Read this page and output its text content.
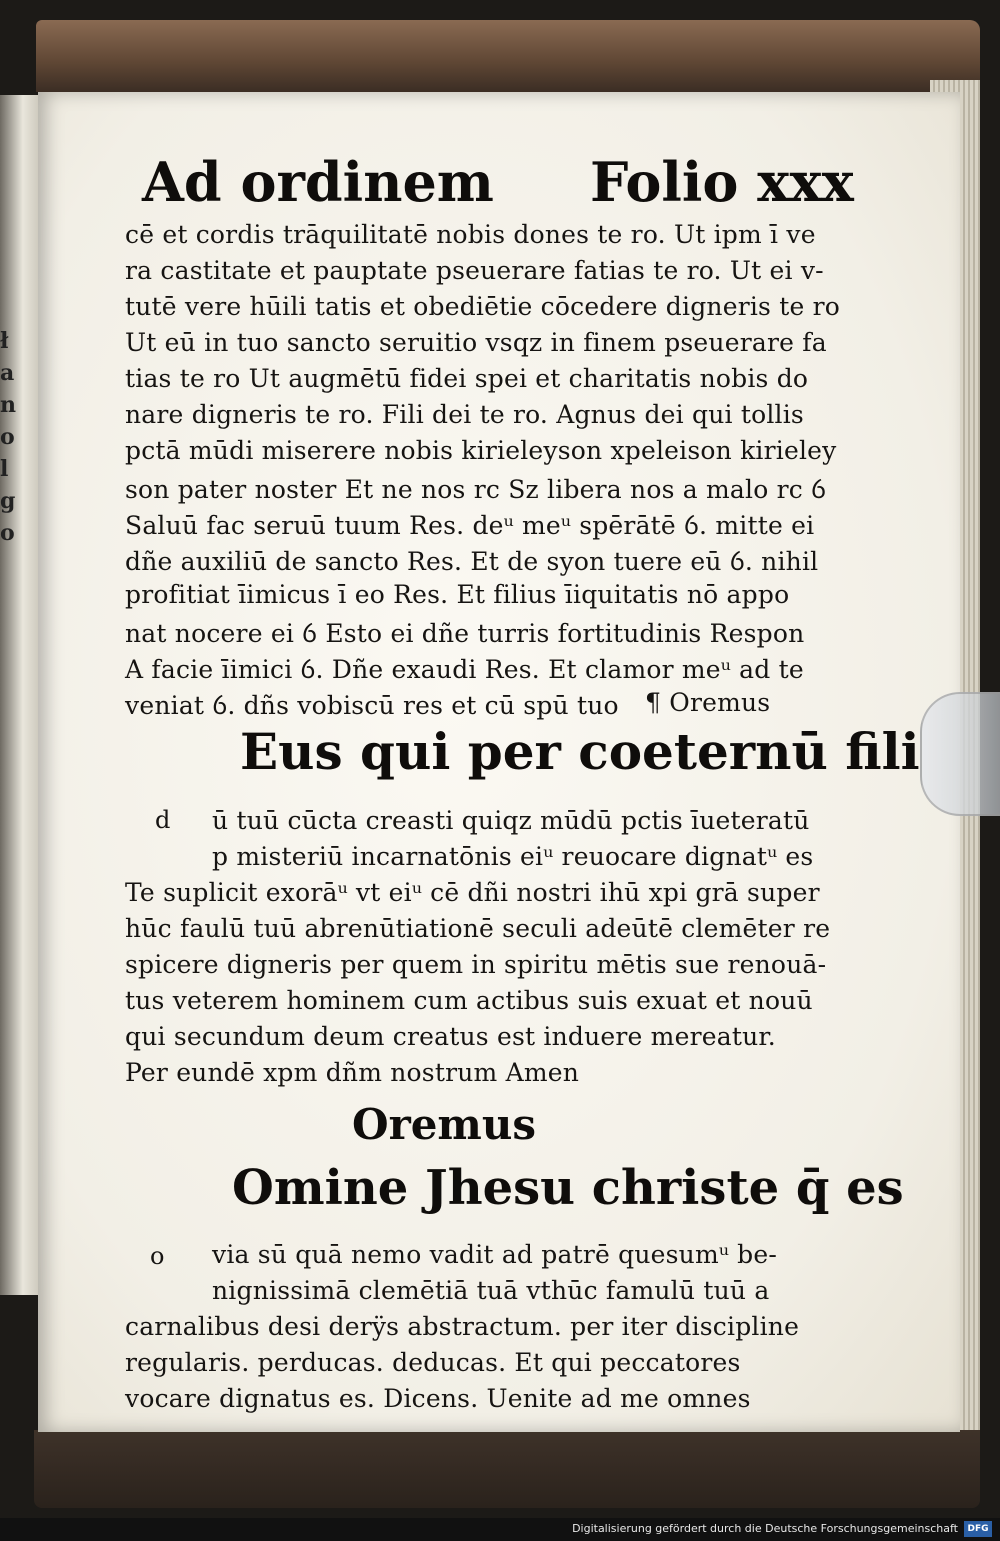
ł
a
n
o
l
g
o
Ad ordinem Folio xxx
cē et cordis trāquilitatē nobis dones te ro. Ut ipm ī ve
ra castitate et pauptate pseuerare fatias te ro. Ut ei v-
tutē vere hūili tatis et obediētie cōcedere digneris te ro
Ut eū in tuo sancto seruitio vsqz in finem pseuerare fa
tias te ro Ut augmētū fidei spei et charitatis nobis do
nare digneris te ro. Fili dei te ro. Agnus dei qui tollis
pctā mūdi miserere nobis kirieleyson xpeleison kirieley
son pater noster Et ne nos rc Sz libera nos a malo rc ỽ
Saluū fac seruū tuum Res. deᵘ meᵘ spērātē ỽ. mitte ei
dñe auxiliū de sancto Res. Et de syon tuere eū ỽ. nihil
profitiat īimicus ī eo Res. Et filius īiquitatis nō appo
nat nocere ei ỽ Esto ei dñe turris fortitudinis Respon
A facie īimici ỽ. Dñe exaudi Res. Et clamor meᵘ ad te
veniat ỽ. dñs vobiscū res et cū spū tuo ¶ Oremus
Eus qui per coeternū fili
d	ū tuū cūcta creasti quiqz mūdū pctis īueteratū
p misteriū incarnatōnis eiᵘ reuocare dignatᵘ es
Te suplicit exorāᵘ vt eiᵘ cē dñi nostri ihū xpi grā super
hūc faulū tuū abrenūtiationē seculi adeūtē clemēter re
spicere digneris per quem in spiritu mētis sue renouā-
tus veterem hominem cum actibus suis exuat et nouū
qui secundum deum creatus est induere mereatur.
Per eundē xpm dñm nostrum Amen
Oremus
Omine Jhesu christe q̄ es
o	via sū quā nemo vadit ad patrē quesumᵘ be-
nignissimā clemētiā tuā vthūc famulū tuū a
carnalibus desi derÿs abstractum. per iter discipline
regularis. perducas. deducas. Et qui peccatores
vocare dignatus es. Dicens. Uenite ad me omnes
Digitalisierung gefördert durch die Deutsche Forschungsgemeinschaft	DFG
